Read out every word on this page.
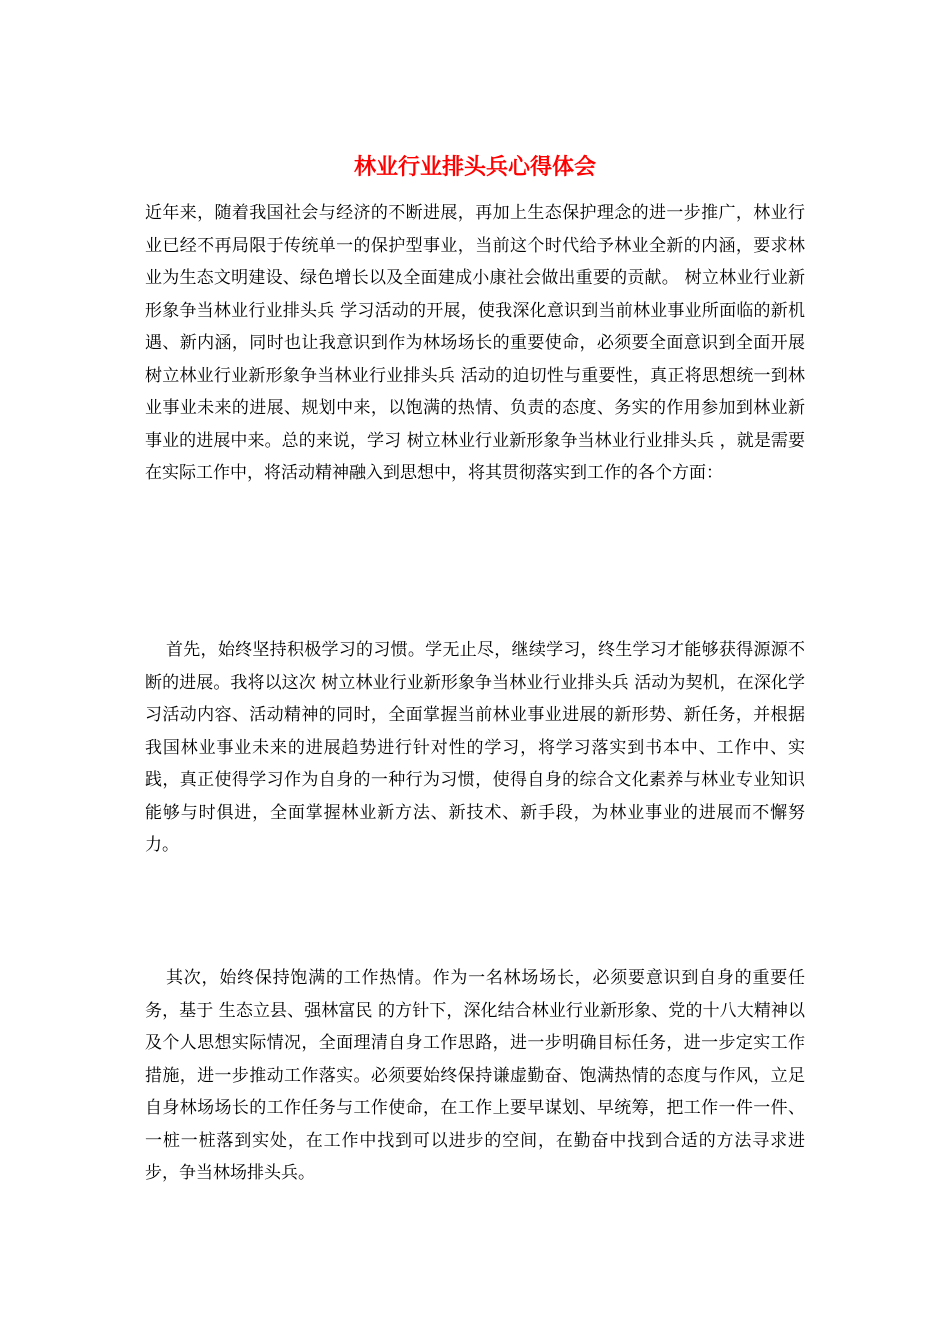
林业行业排头兵心得体会

近年来，随着我国社会与经济的不断进展，再加上生态保护理念的进一步推广，林业行业已经不再局限于传统单一的保护型事业，当前这个时代给予林业全新的内涵，要求林业为生态文明建设、绿色增长以及全面建成小康社会做出重要的贡献。 树立林业行业新形象争当林业行业排头兵 学习活动的开展，使我深化意识到当前林业事业所面临的新机遇、新内涵，同时也让我意识到作为林场场长的重要使命，必须要全面意识到全面开展 树立林业行业新形象争当林业行业排头兵 活动的迫切性与重要性，真正将思想统一到林业事业未来的进展、规划中来，以饱满的热情、负责的态度、务实的作用参加到林业新事业的进展中来。总的来说，学习 树立林业行业新形象争当林业行业排头兵 ，就是需要在实际工作中，将活动精神融入到思想中，将其贯彻落实到工作的各个方面：

首先，始终坚持积极学习的习惯。学无止尽，继续学习，终生学习才能够获得源源不断的进展。我将以这次 树立林业行业新形象争当林业行业排头兵 活动为契机，在深化学习活动内容、活动精神的同时，全面掌握当前林业事业进展的新形势、新任务，并根据我国林业事业未来的进展趋势进行针对性的学习，将学习落实到书本中、工作中、实践，真正使得学习作为自身的一种行为习惯，使得自身的综合文化素养与林业专业知识能够与时俱进，全面掌握林业新方法、新技术、新手段，为林业事业的进展而不懈努力。

其次，始终保持饱满的工作热情。作为一名林场场长，必须要意识到自身的重要任务，基于 生态立县、强林富民 的方针下，深化结合林业行业新形象、党的十八大精神以及个人思想实际情况，全面理清自身工作思路，进一步明确目标任务，进一步定实工作措施，进一步推动工作落实。必须要始终保持谦虚勤奋、饱满热情的态度与作风，立足自身林场场长的工作任务与工作使命，在工作上要早谋划、早统筹，把工作一件一件、一桩一桩落到实处，在工作中找到可以进步的空间，在勤奋中找到合适的方法寻求进步，争当林场排头兵。
